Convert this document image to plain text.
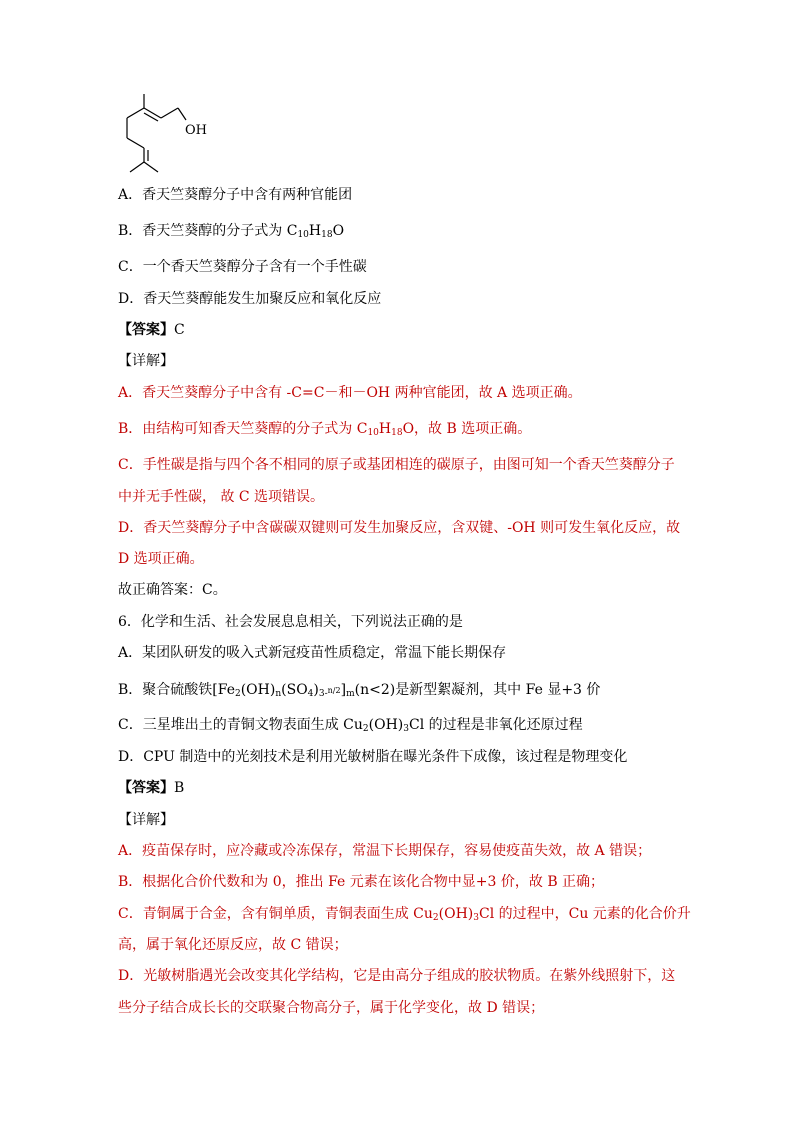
OH
A．香天竺葵醇分子中含有两种官能团
B．香天竺葵醇的分子式为 $C_{10}H_{18}O$
C．一个香天竺葵醇分子含有一个手性碳
D．香天竺葵醇能发生加聚反应和氧化反应
【答案】C
【详解】
A．香天竺葵醇分子中含有 -C=C－和－OH 两种官能团，故 A 选项正确。
B．由结构可知香天竺葵醇的分子式为 $C_{10}H_{18}O$，故 B 选项正确。
C．手性碳是指与四个各不相同的原子或基团相连的碳原子，由图可知一个香天竺葵醇分子
中并无手性碳， 故 C 选项错误。
D．香天竺葵醇分子中含碳碳双键则可发生加聚反应，含双键、-OH 则可发生氧化反应，故
D 选项正确。
故正确答案：C。
6．化学和生活、社会发展息息相关，下列说法正确的是
A．某团队研发的吸入式新冠疫苗性质稳定，常温下能长期保存
B．聚合硫酸铁$[Fe_2(OH)_n(SO_4)_{3-}n/2]_m(n<2)$是新型絮凝剂，其中 Fe 显+3 价
C．三星堆出土的青铜文物表面生成 $Cu_2(OH)_3Cl$ 的过程是非氧化还原过程
D．CPU 制造中的光刻技术是利用光敏树脂在曝光条件下成像，该过程是物理变化
【答案】B
【详解】
A．疫苗保存时，应冷藏或冷冻保存，常温下长期保存，容易使疫苗失效，故 A 错误；
B．根据化合价代数和为 0，推出 Fe 元素在该化合物中显+3 价，故 B 正确；
C．青铜属于合金，含有铜单质，青铜表面生成 $Cu_2(OH)_3Cl$ 的过程中，Cu 元素的化合价升
高，属于氧化还原反应，故 C 错误；
D．光敏树脂遇光会改变其化学结构，它是由高分子组成的胶状物质。在紫外线照射下，这
些分子结合成长长的交联聚合物高分子，属于化学变化，故 D 错误；
